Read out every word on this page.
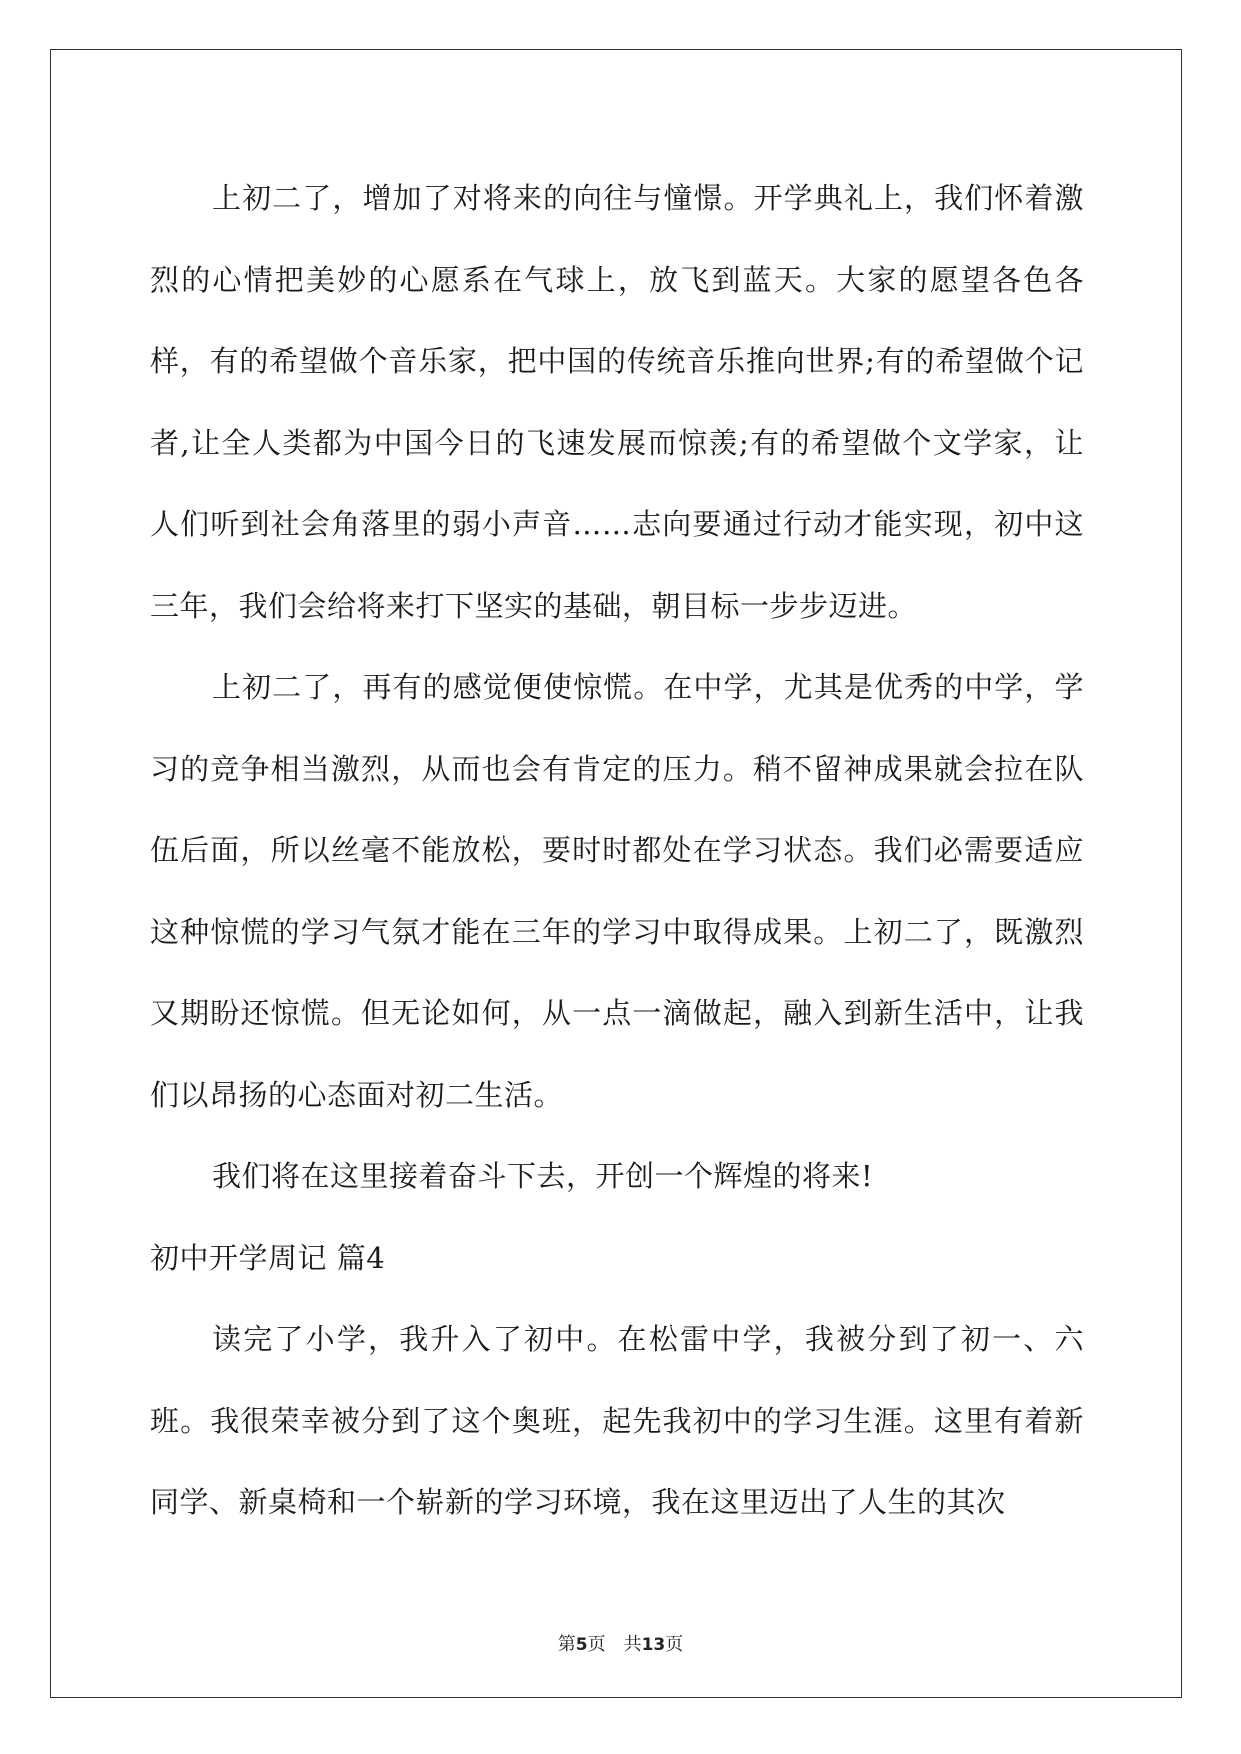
上初二了，增加了对将来的向往与憧憬。开学典礼上，我们怀着激烈的心情把美妙的心愿系在气球上，放飞到蓝天。大家的愿望各色各样，有的希望做个音乐家，把中国的传统音乐推向世界;有的希望做个记者,让全人类都为中国今日的飞速发展而惊羡;有的希望做个文学家，让人们听到社会角落里的弱小声音……志向要通过行动才能实现，初中这三年，我们会给将来打下坚实的基础，朝目标一步步迈进。

上初二了，再有的感觉便使惊慌。在中学，尤其是优秀的中学，学习的竞争相当激烈，从而也会有肯定的压力。稍不留神成果就会拉在队伍后面，所以丝毫不能放松，要时时都处在学习状态。我们必需要适应这种惊慌的学习气氛才能在三年的学习中取得成果。上初二了，既激烈又期盼还惊慌。但无论如何，从一点一滴做起，融入到新生活中，让我们以昂扬的心态面对初二生活。

我们将在这里接着奋斗下去，开创一个辉煌的将来!

初中开学周记 篇4

读完了小学，我升入了初中。在松雷中学，我被分到了初一、六班。我很荣幸被分到了这个奥班，起先我初中的学习生涯。这里有着新同学、新桌椅和一个崭新的学习环境，我在这里迈出了人生的其次

第5页 共13页
